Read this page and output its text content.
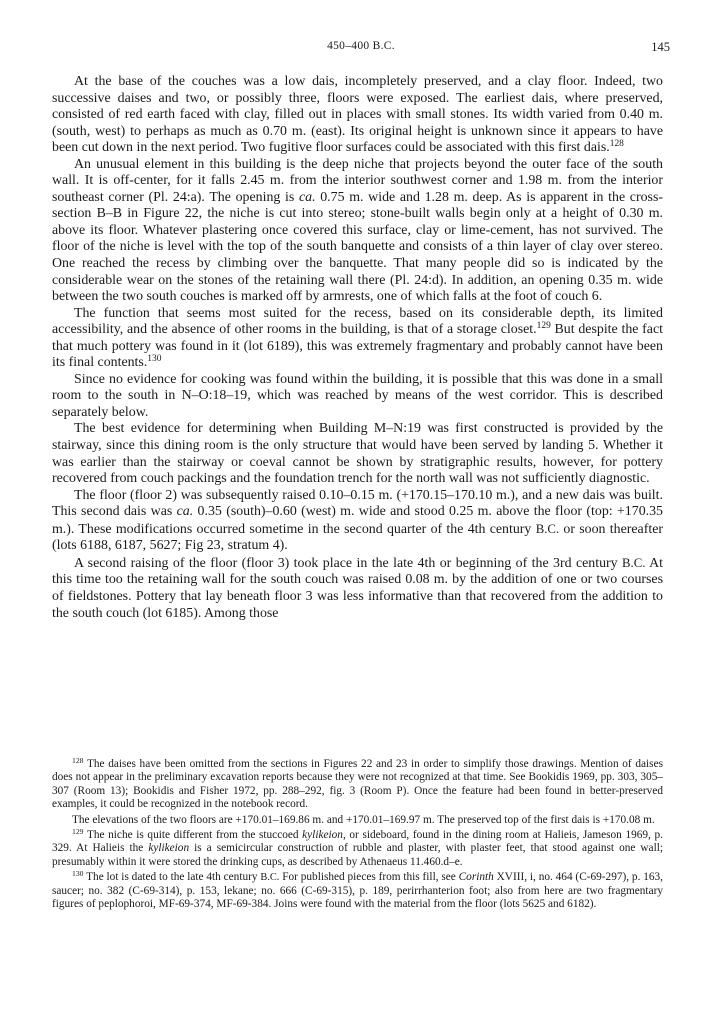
450–400 B.C.	145

At the base of the couches was a low dais, incompletely preserved, and a clay floor. Indeed, two successive daises and two, or possibly three, floors were exposed. The earliest dais, where preserved, consisted of red earth faced with clay, filled out in places with small stones. Its width varied from 0.40 m. (south, west) to perhaps as much as 0.70 m. (east). Its original height is unknown since it appears to have been cut down in the next period. Two fugitive floor surfaces could be associated with this first dais.$^{128}$

An unusual element in this building is the deep niche that projects beyond the outer face of the south wall. It is off-center, for it falls 2.45 m. from the interior southwest corner and 1.98 m. from the interior southeast corner (Pl. 24:a). The opening is ca. 0.75 m. wide and 1.28 m. deep. As is apparent in the cross-section B–B in Figure 22, the niche is cut into stereo; stone-built walls begin only at a height of 0.30 m. above its floor. Whatever plastering once covered this surface, clay or lime-cement, has not survived. The floor of the niche is level with the top of the south banquette and consists of a thin layer of clay over stereo. One reached the recess by climbing over the banquette. That many people did so is indicated by the considerable wear on the stones of the retaining wall there (Pl. 24:d). In addition, an opening 0.35 m. wide between the two south couches is marked off by armrests, one of which falls at the foot of couch 6.

The function that seems most suited for the recess, based on its considerable depth, its limited accessibility, and the absence of other rooms in the building, is that of a storage closet.$^{129}$ But despite the fact that much pottery was found in it (lot 6189), this was extremely fragmentary and probably cannot have been its final contents.$^{130}$

Since no evidence for cooking was found within the building, it is possible that this was done in a small room to the south in N–O:18–19, which was reached by means of the west corridor. This is described separately below.

The best evidence for determining when Building M–N:19 was first constructed is provided by the stairway, since this dining room is the only structure that would have been served by landing 5. Whether it was earlier than the stairway or coeval cannot be shown by stratigraphic results, however, for pottery recovered from couch packings and the foundation trench for the north wall was not sufficiently diagnostic.

The floor (floor 2) was subsequently raised 0.10–0.15 m. (+170.15–170.10 m.), and a new dais was built. This second dais was ca. 0.35 (south)–0.60 (west) m. wide and stood 0.25 m. above the floor (top: +170.35 m.). These modifications occurred sometime in the second quarter of the 4th century B.C. or soon thereafter (lots 6188, 6187, 5627; Fig 23, stratum 4).

A second raising of the floor (floor 3) took place in the late 4th or beginning of the 3rd century B.C. At this time too the retaining wall for the south couch was raised 0.08 m. by the addition of one or two courses of fieldstones. Pottery that lay beneath floor 3 was less informative than that recovered from the addition to the south couch (lot 6185). Among those

$^{128}$ The daises have been omitted from the sections in Figures 22 and 23 in order to simplify those drawings. Mention of daises does not appear in the preliminary excavation reports because they were not recognized at that time. See Bookidis 1969, pp. 303, 305–307 (Room 13); Bookidis and Fisher 1972, pp. 288–292, fig. 3 (Room P). Once the feature had been found in better-preserved examples, it could be recognized in the notebook record.

The elevations of the two floors are +170.01–169.86 m. and +170.01–169.97 m. The preserved top of the first dais is +170.08 m.

$^{129}$ The niche is quite different from the stuccoed kylikeion, or sideboard, found in the dining room at Halieis, Jameson 1969, p. 329. At Halieis the kylikeion is a semicircular construction of rubble and plaster, with plaster feet, that stood against one wall; presumably within it were stored the drinking cups, as described by Athenaeus 11.460.d–e.

$^{130}$ The lot is dated to the late 4th century B.C. For published pieces from this fill, see Corinth XVIII, i, no. 464 (C-69-297), p. 163, saucer; no. 382 (C-69-314), p. 153, lekane; no. 666 (C-69-315), p. 189, perirrhanterion foot; also from here are two fragmentary figures of peplophoroi, MF-69-374, MF-69-384. Joins were found with the material from the floor (lots 5625 and 6182).
